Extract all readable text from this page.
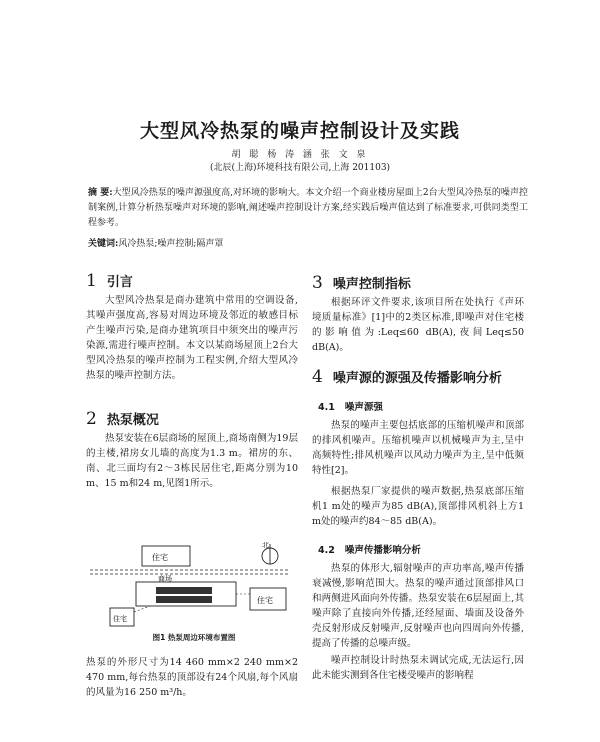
大型风冷热泵的噪声控制设计及实践
胡 聪 杨 涛 涵 张 文 泉
(北辰(上海)环境科技有限公司,上海 201103)
摘 要:大型风冷热泵的噪声源强度高,对环境的影响大。本文介绍一个商业楼房屋面上2台大型风冷热泵的噪声控制案例,计算分析热泵噪声对环境的影响,阐述噪声控制设计方案,经实践后噪声值达到了标准要求,可供同类型工程参考。
关键词:风冷热泵;噪声控制;隔声罩
1 引言

大型风冷热泵是商办建筑中常用的空调设备,其噪声强度高,容易对周边环境及邻近的敏感目标产生噪声污染,是商办建筑项目中须突出的噪声污染源,需进行噪声控制。本文以某商场屋顶上2台大型风冷热泵的噪声控制为工程实例,介绍大型风冷热泵的噪声控制方法。

2 热泵概况

热泵安装在6层商场的屋顶上,商场南侧为19层的主楼,裙房女儿墙的高度为1.3 m。裙房的东、南、北三面均有2～3栋民居住宅,距离分别为10 m、15 m和24 m,见图1所示。

住宅
北
商场
住宅
住宅
图1 热泵周边环境布置图

热泵的外形尺寸为14 460 mm×2 240 mm×2 470 mm,每台热泵的顶部设有24个风扇,每个风扇的风量为16 250 m³/h。

3 噪声控制指标

根据环评文件要求,该项目所在处执行《声环境质量标准》[1]中的2类区标准,即噪声对住宅楼的影响值为:Leq≤60 dB(A),夜间Leq≤50 dB(A)。

4 噪声源的源强及传播影响分析
4.1 噪声源强

热泵的噪声主要包括底部的压缩机噪声和顶部的排风机噪声。压缩机噪声以机械噪声为主,呈中高频特性;排风机噪声以风动力噪声为主,呈中低频特性[2]。

根据热泵厂家提供的噪声数据,热泵底部压缩机1 m处的噪声为85 dB(A),顶部排风机斜上方1 m处的噪声约84～85 dB(A)。

4.2 噪声传播影响分析

热泵的体形大,辐射噪声的声功率高,噪声传播衰减慢,影响范围大。热泵的噪声通过顶部排风口和两侧进风面向外传播。热泵安装在6层屋面上,其噪声除了直接向外传播,还经屋面、墙面及设备外壳反射形成反射噪声,反射噪声也向四周向外传播,提高了传播的总噪声级。

噪声控制设计时热泵未调试完成,无法运行,因此未能实测到各住宅楼受噪声的影响程
